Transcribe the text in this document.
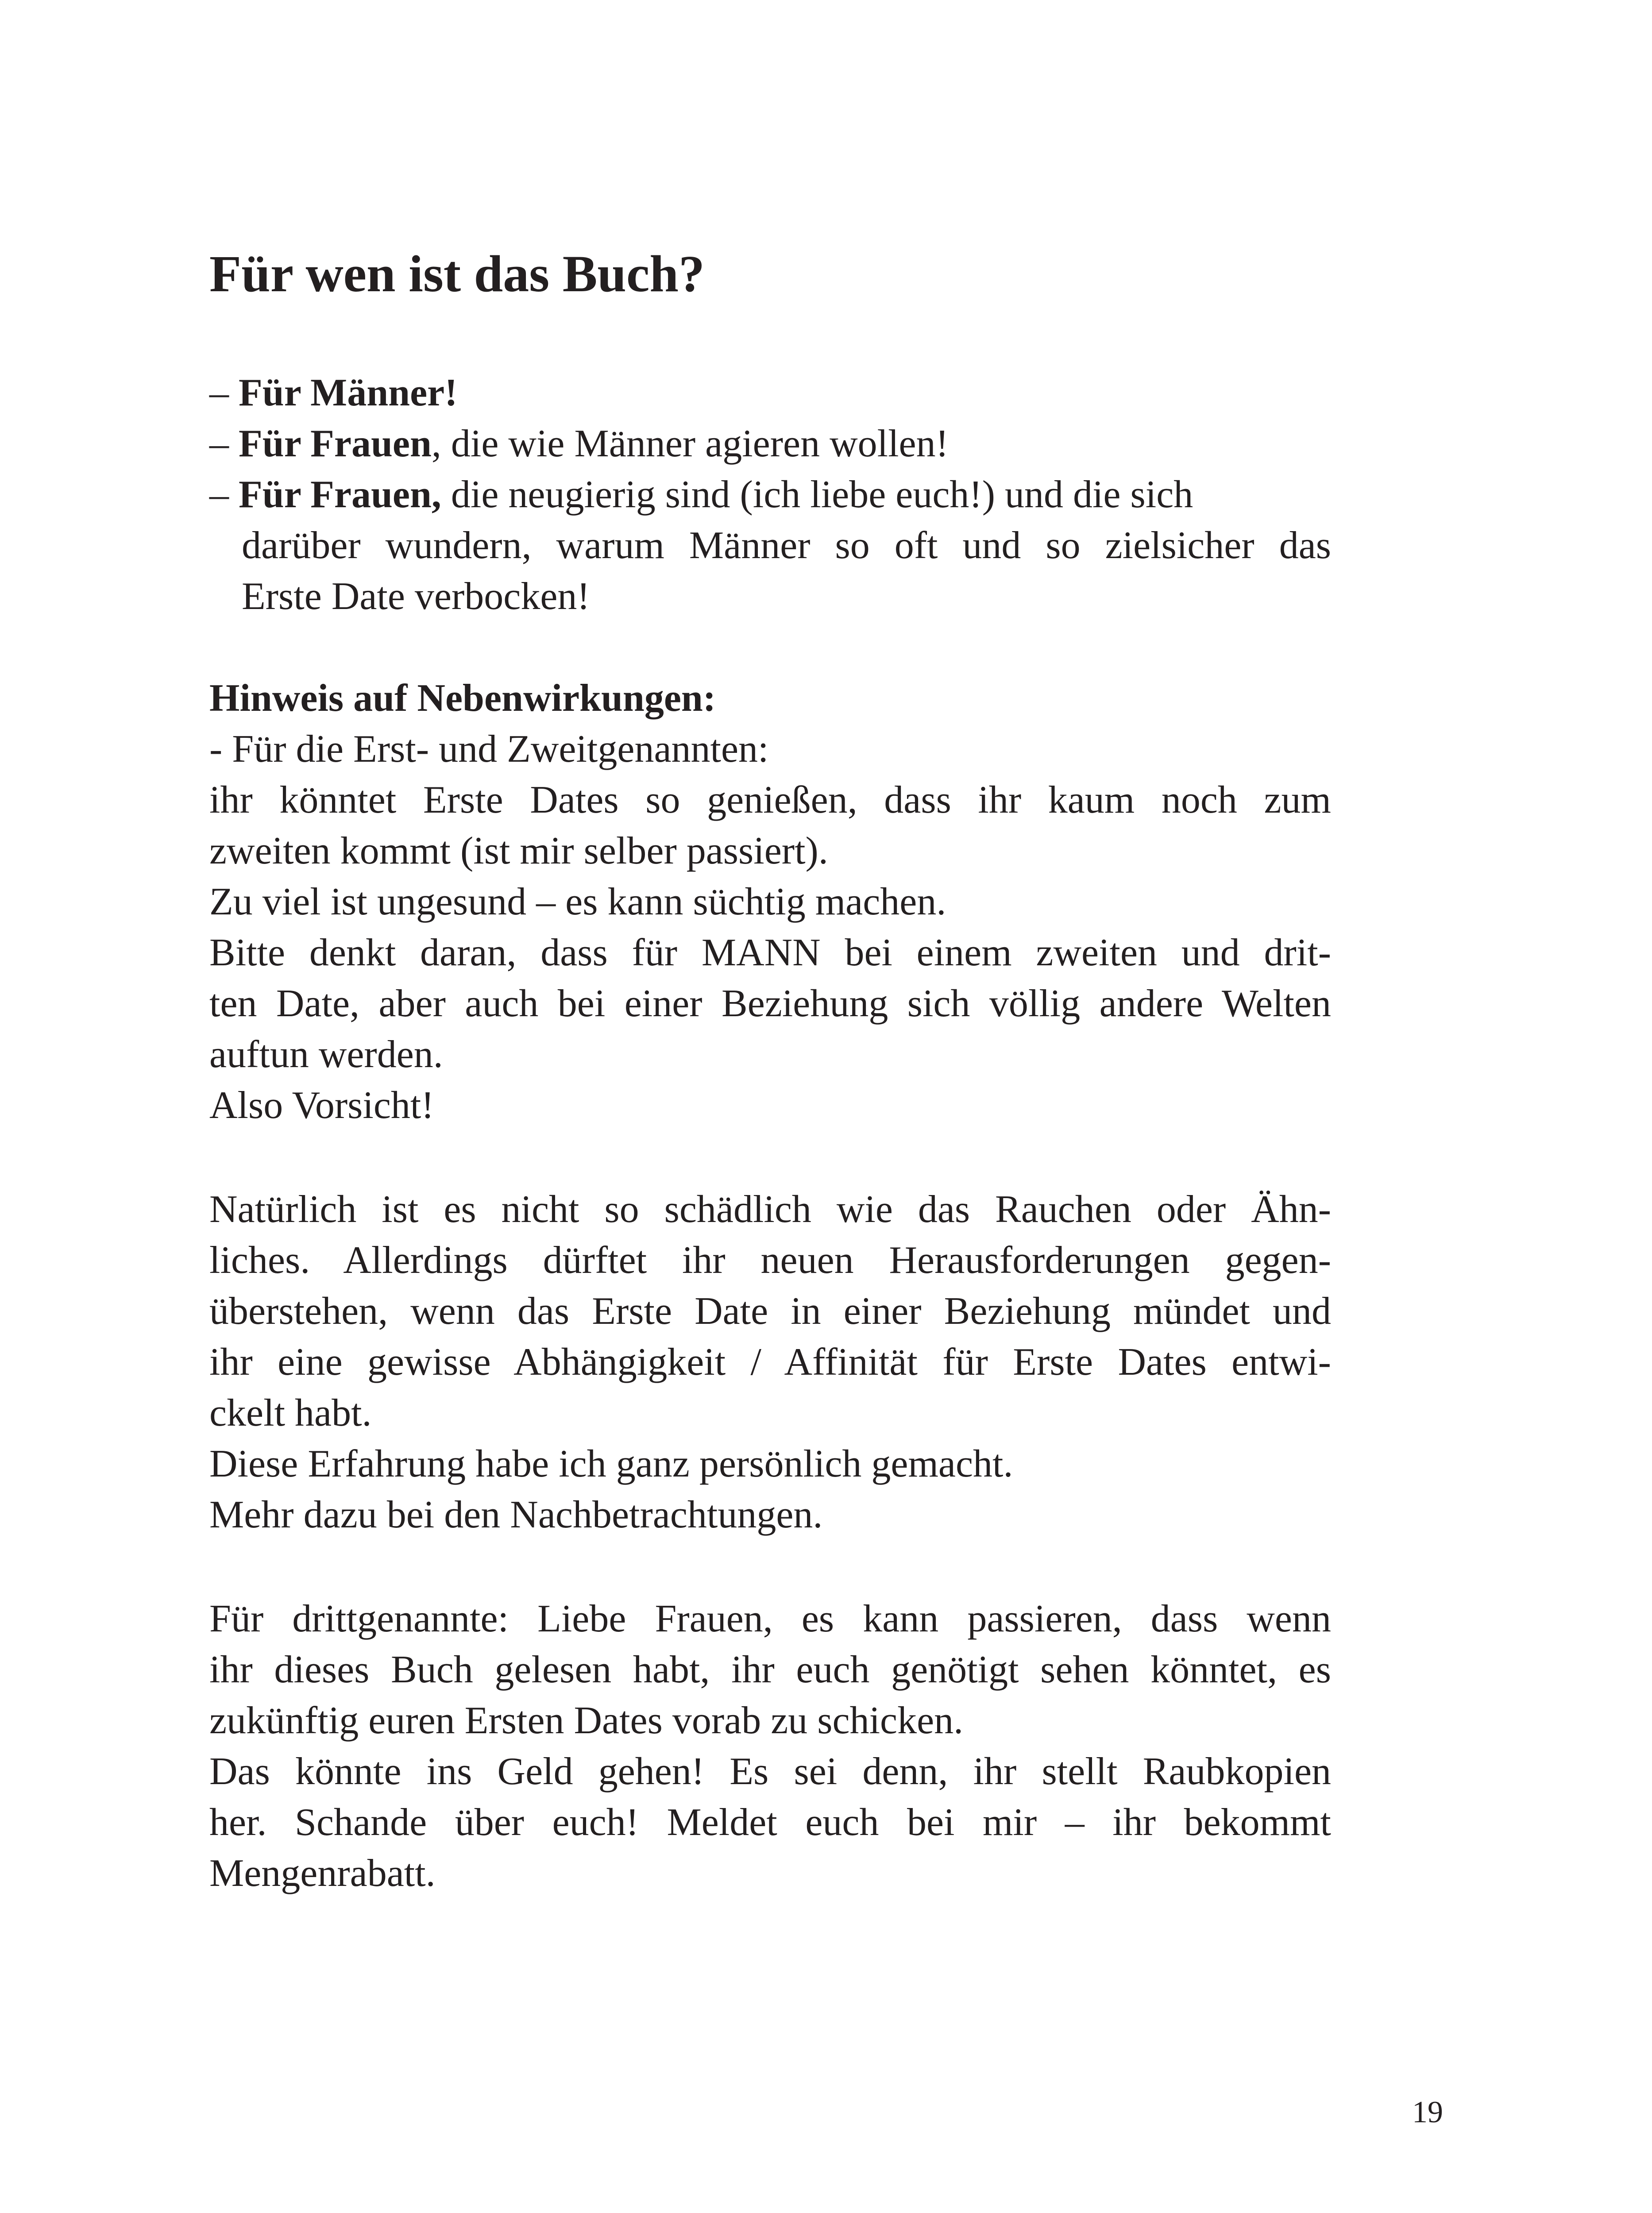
Für wen ist das Buch?
– Für Männer!
– Für Frauen, die wie Männer agieren wollen!
– Für Frauen, die neugierig sind (ich liebe euch!) und die sich
darüber wundern, warum Männer so oft und so zielsicher das
Erste Date verbocken!
Hinweis auf Nebenwirkungen:
- Für die Erst- und Zweitgenannten:
ihr könntet Erste Dates so genießen, dass ihr kaum noch zum
zweiten kommt (ist mir selber passiert).
Zu viel ist ungesund – es kann süchtig machen.
Bitte denkt daran, dass für MANN bei einem zweiten und drit-
ten Date, aber auch bei einer Beziehung sich völlig andere Welten
auftun werden.
Also Vorsicht!
Natürlich ist es nicht so schädlich wie das Rauchen oder Ähn-
liches. Allerdings dürftet ihr neuen Herausforderungen gegen-
überstehen, wenn das Erste Date in einer Beziehung mündet und
ihr eine gewisse Abhängigkeit / Affinität für Erste Dates entwi-
ckelt habt.
Diese Erfahrung habe ich ganz persönlich gemacht.
Mehr dazu bei den Nachbetrachtungen.
Für drittgenannte: Liebe Frauen, es kann passieren, dass wenn
ihr dieses Buch gelesen habt, ihr euch genötigt sehen könntet, es
zukünftig euren Ersten Dates vorab zu schicken.
Das könnte ins Geld gehen! Es sei denn, ihr stellt Raubkopien
her. Schande über euch! Meldet euch bei mir – ihr bekommt
Mengenrabatt.
19
